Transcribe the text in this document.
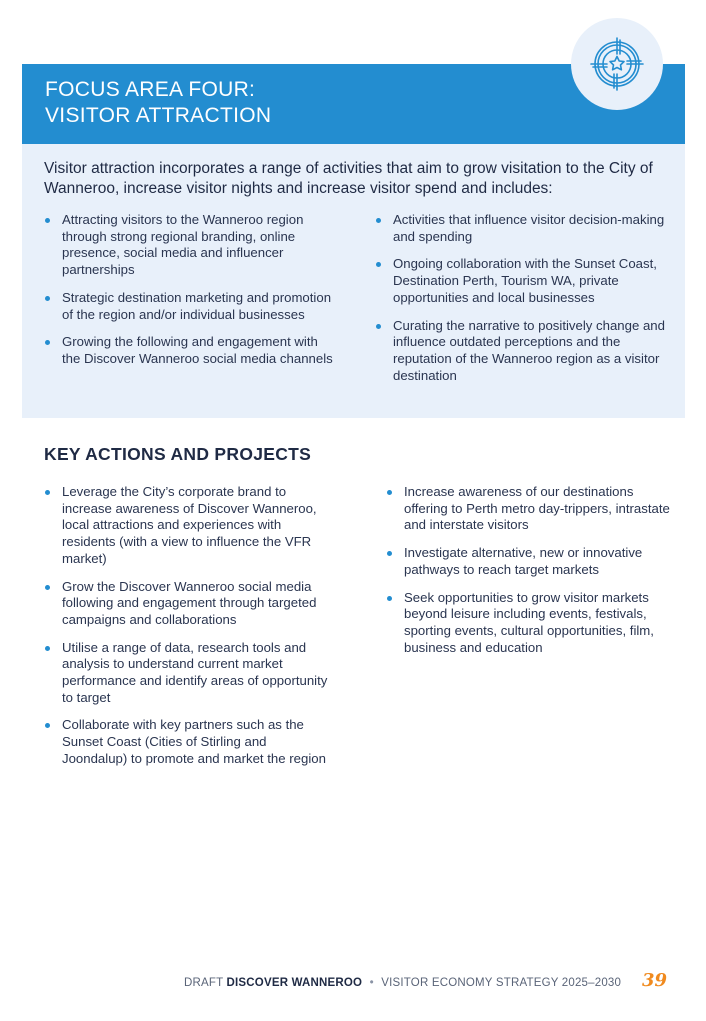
FOCUS AREA FOUR:
VISITOR ATTRACTION

Visitor attraction incorporates a range of activities that aim to grow visitation to the City of Wanneroo, increase visitor nights and increase visitor spend and includes:

Attracting visitors to the Wanneroo region through strong regional branding, online presence, social media and influencer partnerships
Strategic destination marketing and promotion of the region and/or individual businesses
Growing the following and engagement with the Discover Wanneroo social media channels
Activities that influence visitor decision-making and spending
Ongoing collaboration with the Sunset Coast, Destination Perth, Tourism WA, private opportunities and local businesses
Curating the narrative to positively change and influence outdated perceptions and the reputation of the Wanneroo region as a visitor destination
KEY ACTIONS AND PROJECTS
Leverage the City’s corporate brand to increase awareness of Discover Wanneroo, local attractions and experiences with residents (with a view to influence the VFR market)
Grow the Discover Wanneroo social media following and engagement through targeted campaigns and collaborations
Utilise a range of data, research tools and analysis to understand current market performance and identify areas of opportunity to target
Collaborate with key partners such as the Sunset Coast (Cities of Stirling and Joondalup) to promote and market the region
Increase awareness of our destinations offering to Perth metro day-trippers, intrastate and interstate visitors
Investigate alternative, new or innovative pathways to reach target markets
Seek opportunities to grow visitor markets beyond leisure including events, festivals, sporting events, cultural opportunities, film, business and education
DRAFT DISCOVER WANNEROO • VISITOR ECONOMY STRATEGY 2025–2030 39
